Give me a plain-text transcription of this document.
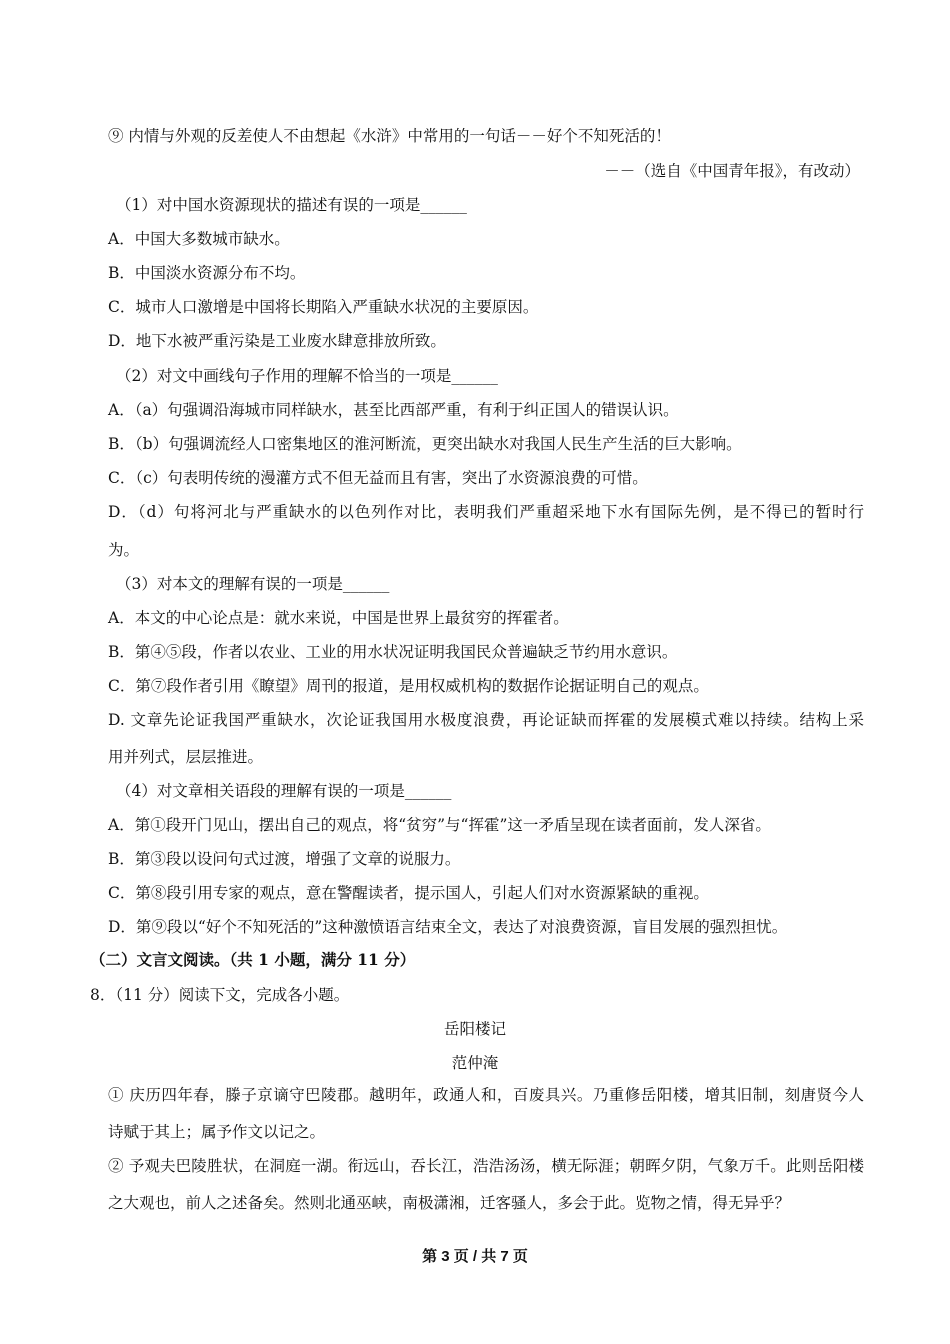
⑨ 内情与外观的反差使人不由想起《水浒》中常用的一句话－－好个不知死活的！
－－（选自《中国青年报》，有改动）
（1）对中国水资源现状的描述有误的一项是______
A．中国大多数城市缺水。
B．中国淡水资源分布不均。
C．城市人口激增是中国将长期陷入严重缺水状况的主要原因。
D．地下水被严重污染是工业废水肆意排放所致。
（2）对文中画线句子作用的理解不恰当的一项是______
A．（a）句强调沿海城市同样缺水，甚至比西部严重，有利于纠正国人的错误认识。
B．（b）句强调流经人口密集地区的淮河断流，更突出缺水对我国人民生产生活的巨大影响。
C．（c）句表明传统的漫灌方式不但无益而且有害，突出了水资源浪费的可惜。
D．（d）句将河北与严重缺水的以色列作对比，表明我们严重超采地下水有国际先例，是不得已的暂时行
为。
（3）对本文的理解有误的一项是______
A．本文的中心论点是：就水来说，中国是世界上最贫穷的挥霍者。
B．第④⑤段，作者以农业、工业的用水状况证明我国民众普遍缺乏节约用水意识。
C．第⑦段作者引用《瞭望》周刊的报道，是用权威机构的数据作论据证明自己的观点。
D. 文章先论证我国严重缺水，次论证我国用水极度浪费，再论证缺而挥霍的发展模式难以持续。结构上采
用并列式，层层推进。
（4）对文章相关语段的理解有误的一项是______
A．第①段开门见山，摆出自己的观点，将“贫穷”与“挥霍”这一矛盾呈现在读者面前，发人深省。
B．第③段以设问句式过渡，增强了文章的说服力。
C．第⑧段引用专家的观点，意在警醒读者，提示国人，引起人们对水资源紧缺的重视。
D．第⑨段以“好个不知死活的”这种激愤语言结束全文，表达了对浪费资源，盲目发展的强烈担忧。
（二）文言文阅读。（共 1 小题，满分 11 分）
8．（11 分）阅读下文，完成各小题。
岳阳楼记
范仲淹
① 庆历四年春，滕子京谪守巴陵郡。越明年，政通人和，百废具兴。乃重修岳阳楼，增其旧制，刻唐贤今人
诗赋于其上；属予作文以记之。
② 予观夫巴陵胜状，在洞庭一湖。衔远山，吞长江，浩浩汤汤，横无际涯；朝晖夕阴，气象万千。此则岳阳楼
之大观也，前人之述备矣。然则北通巫峡，南极潇湘，迁客骚人，多会于此。览物之情，得无异乎？
第 3 页 / 共 7 页
